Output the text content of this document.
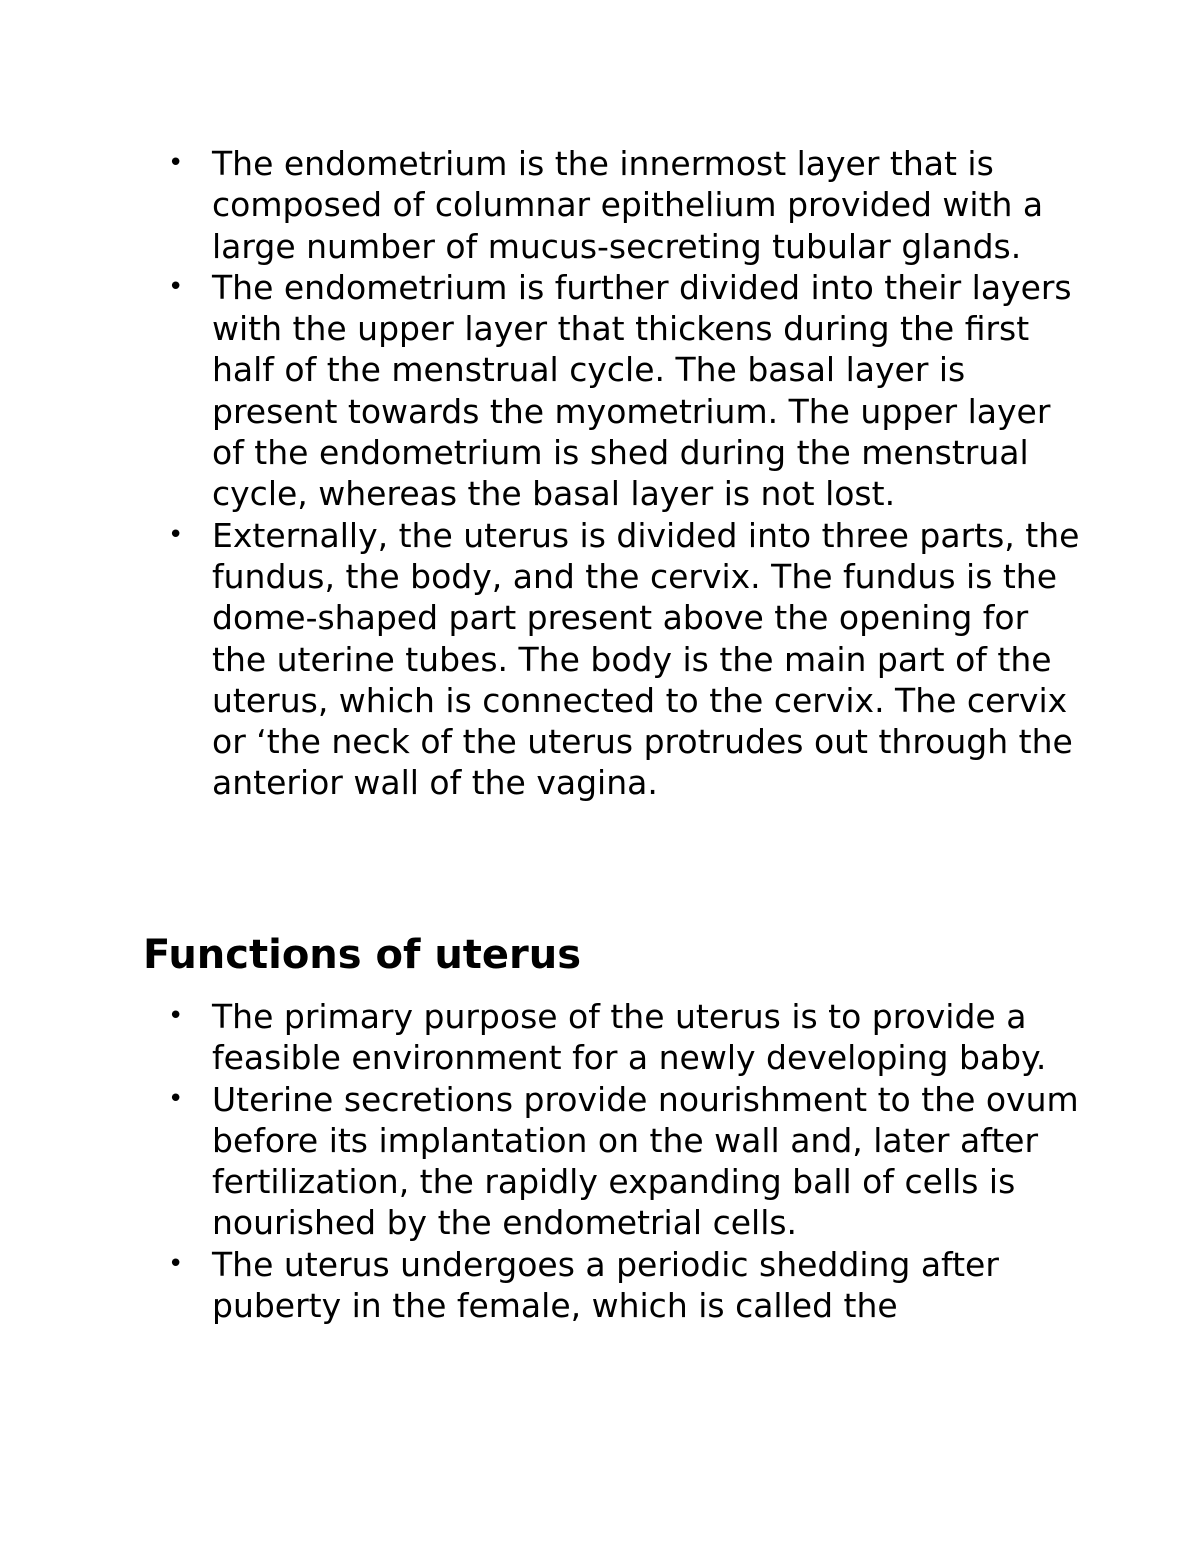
• The endometrium is the innermost layer that is composed of columnar epithelium provided with a large number of mucus-secreting tubular glands.
• The endometrium is further divided into their layers with the upper layer that thickens during the first half of the menstrual cycle. The basal layer is present towards the myometrium. The upper layer of the endometrium is shed during the menstrual cycle, whereas the basal layer is not lost.
• Externally, the uterus is divided into three parts, the fundus, the body, and the cervix. The fundus is the dome-shaped part present above the opening for the uterine tubes. The body is the main part of the uterus, which is connected to the cervix. The cervix or ‘the neck of the uterus protrudes out through the anterior wall of the vagina.
Functions of uterus
• The primary purpose of the uterus is to provide a feasible environment for a newly developing baby.
• Uterine secretions provide nourishment to the ovum before its implantation on the wall and, later after fertilization, the rapidly expanding ball of cells is nourished by the endometrial cells.
• The uterus undergoes a periodic shedding after puberty in the female, which is called the
